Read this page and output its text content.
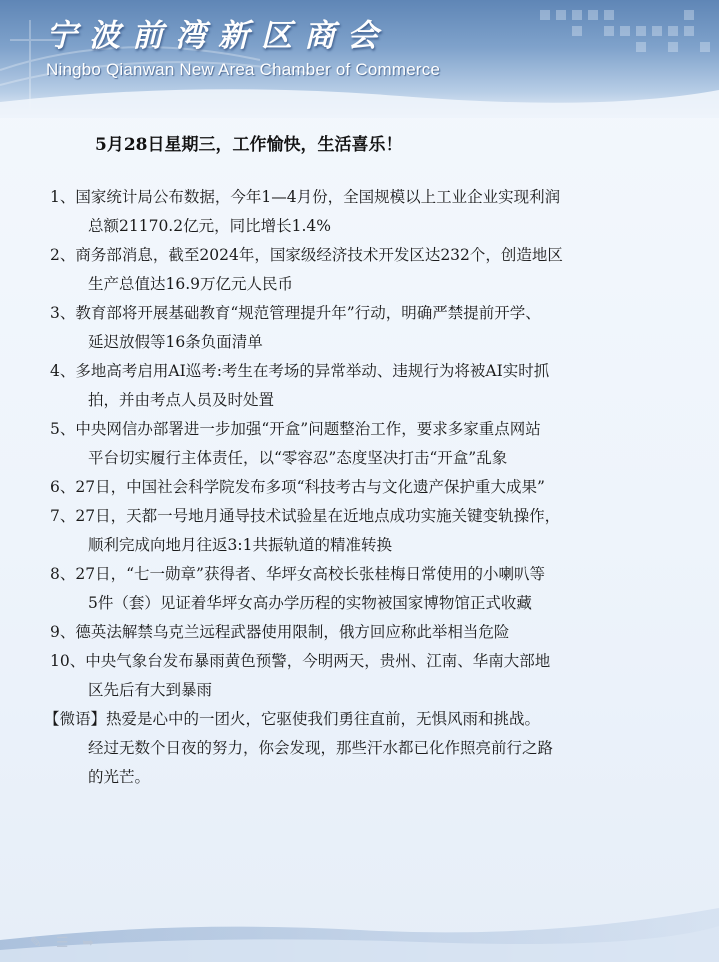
宁波前湾新区商会
Ningbo Qianwan New Area Chamber of Commerce
5月28日星期三，工作愉快，生活喜乐！
1、国家统计局公布数据，今年1—4月份，全国规模以上工业企业实现利润
总额21170.2亿元，同比增长1.4%
2、商务部消息，截至2024年，国家级经济技术开发区达232个，创造地区
生产总值达16.9万亿元人民币
3、教育部将开展基础教育“规范管理提升年”行动，明确严禁提前开学、
延迟放假等16条负面清单
4、多地高考启用AI巡考:考生在考场的异常举动、违规行为将被AI实时抓
拍，并由考点人员及时处置
5、中央网信办部署进一步加强“开盒”问题整治工作，要求多家重点网站
平台切实履行主体责任，以“零容忍”态度坚决打击“开盒”乱象
6、27日，中国社会科学院发布多项“科技考古与文化遗产保护重大成果”
7、27日，天都一号地月通导技术试验星在近地点成功实施关键变轨操作，
顺利完成向地月往返3:1共振轨道的精准转换
8、27日，“七一勋章”获得者、华坪女高校长张桂梅日常使用的小喇叭等
5件（套）见证着华坪女高办学历程的实物被国家博物馆正式收藏
9、德英法解禁乌克兰远程武器使用限制，俄方回应称此举相当危险
10、中央气象台发布暴雨黄色预警，今明两天，贵州、江南、华南大部地
区先后有大到暴雨
【微语】热爱是心中的一团火，它驱使我们勇往直前，无惧风雨和挑战。
经过无数个日夜的努力，你会发现，那些汗水都已化作照亮前行之路
的光芒。
✎ ☰ ➥
